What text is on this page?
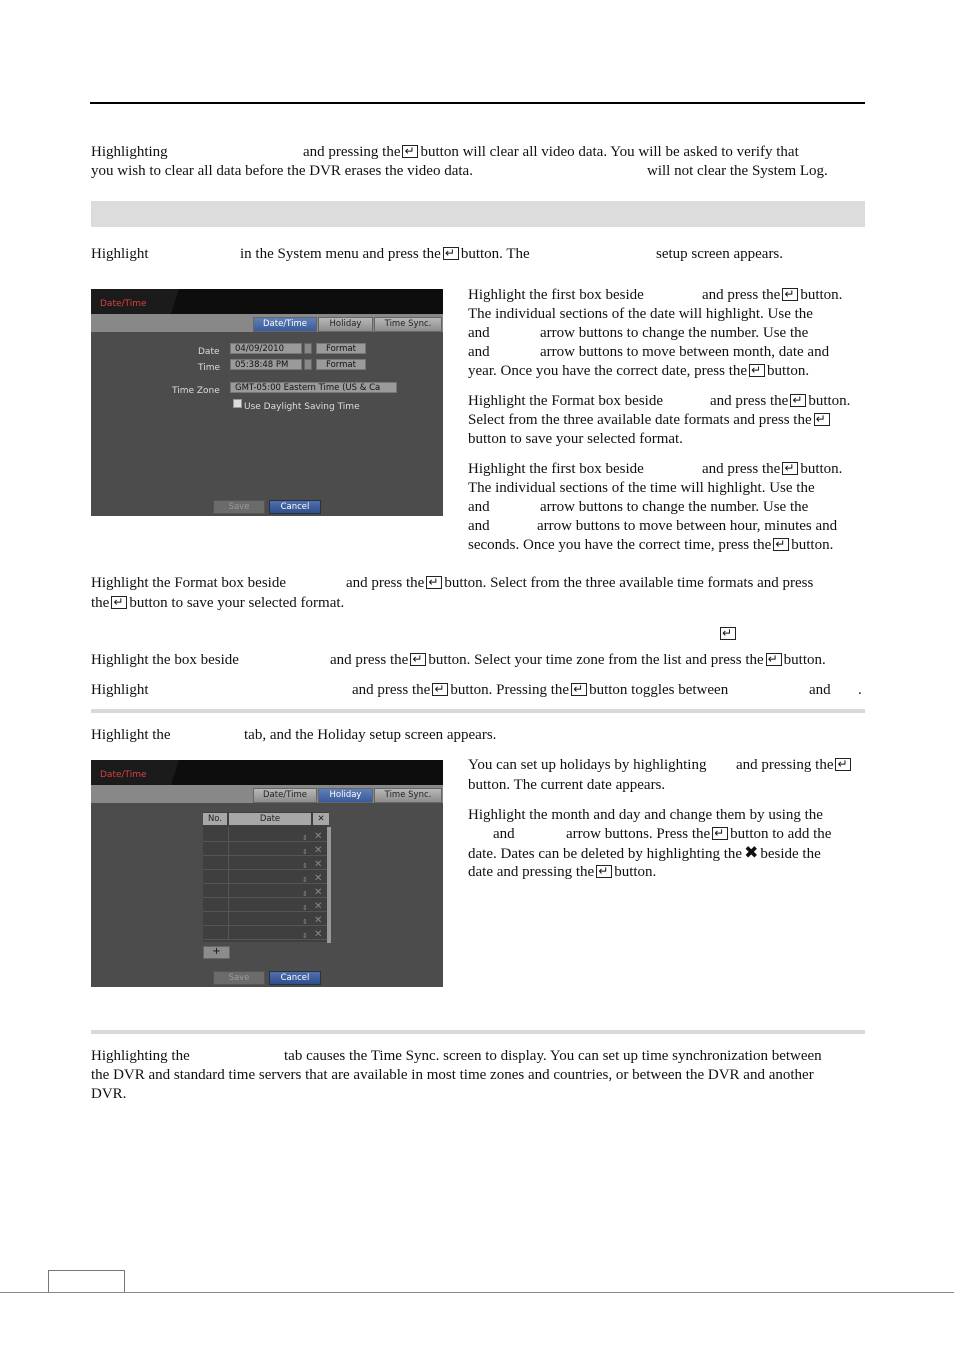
Highlighting	and pressing the ↵ button will clear all video data. You will be asked to verify that
you wish to clear all data before the DVR erases the video data.	will not clear the System Log.
Highlight	in the System menu and press the ↵ button. The	setup screen appears.
Date/Time
Date/Time	Holiday	Time Sync.
Date	04/09/2010	Format
Time	05:38:48 PM	Format
Time Zone	GMT-05:00 Eastern Time (US & Ca
Use Daylight Saving Time
Save	Cancel
Highlight the first box beside	and press the ↵ button.
The individual sections of the date will highlight. Use the
and	arrow buttons to change the number. Use the
and	arrow buttons to move between month, date and
year. Once you have the correct date, press the ↵ button.
Highlight the Format box beside	and press the ↵ button.
Select from the three available date formats and press the↵
button to save your selected format.
Highlight the first box beside	and press the ↵ button.
The individual sections of the time will highlight. Use the
and	arrow buttons to change the number. Use the
and	arrow buttons to move between hour, minutes and
seconds. Once you have the correct time, press the ↵ button.
Highlight the Format box beside	and press the ↵ button. Select from the three available time formats and press
the ↵ button to save your selected format.
↵
Highlight the box beside	and press the ↵ button. Select your time zone from the list and press the ↵ button.
Highlight	and press the ↵ button. Pressing the ↵ button toggles between	and .
Highlight the	tab, and the Holiday setup screen appears.
Date/Time
Date/Time	Holiday	Time Sync.
No.	Date	✕
⇕ ✕
⇕ ✕
⇕ ✕
⇕ ✕
⇕ ✕
⇕ ✕
⇕ ✕
⇕ ✕
+
Save	Cancel
You can set up holidays by highlighting and pressing the↵
button. The current date appears.
Highlight the month and day and change them by using the
and	arrow buttons. Press the ↵ button to add the
date. Dates can be deleted by highlighting the ✖ beside the
date and pressing the ↵ button.
Highlighting the	tab causes the Time Sync. screen to display. You can set up time synchronization between
the DVR and standard time servers that are available in most time zones and countries, or between the DVR and another
DVR.
